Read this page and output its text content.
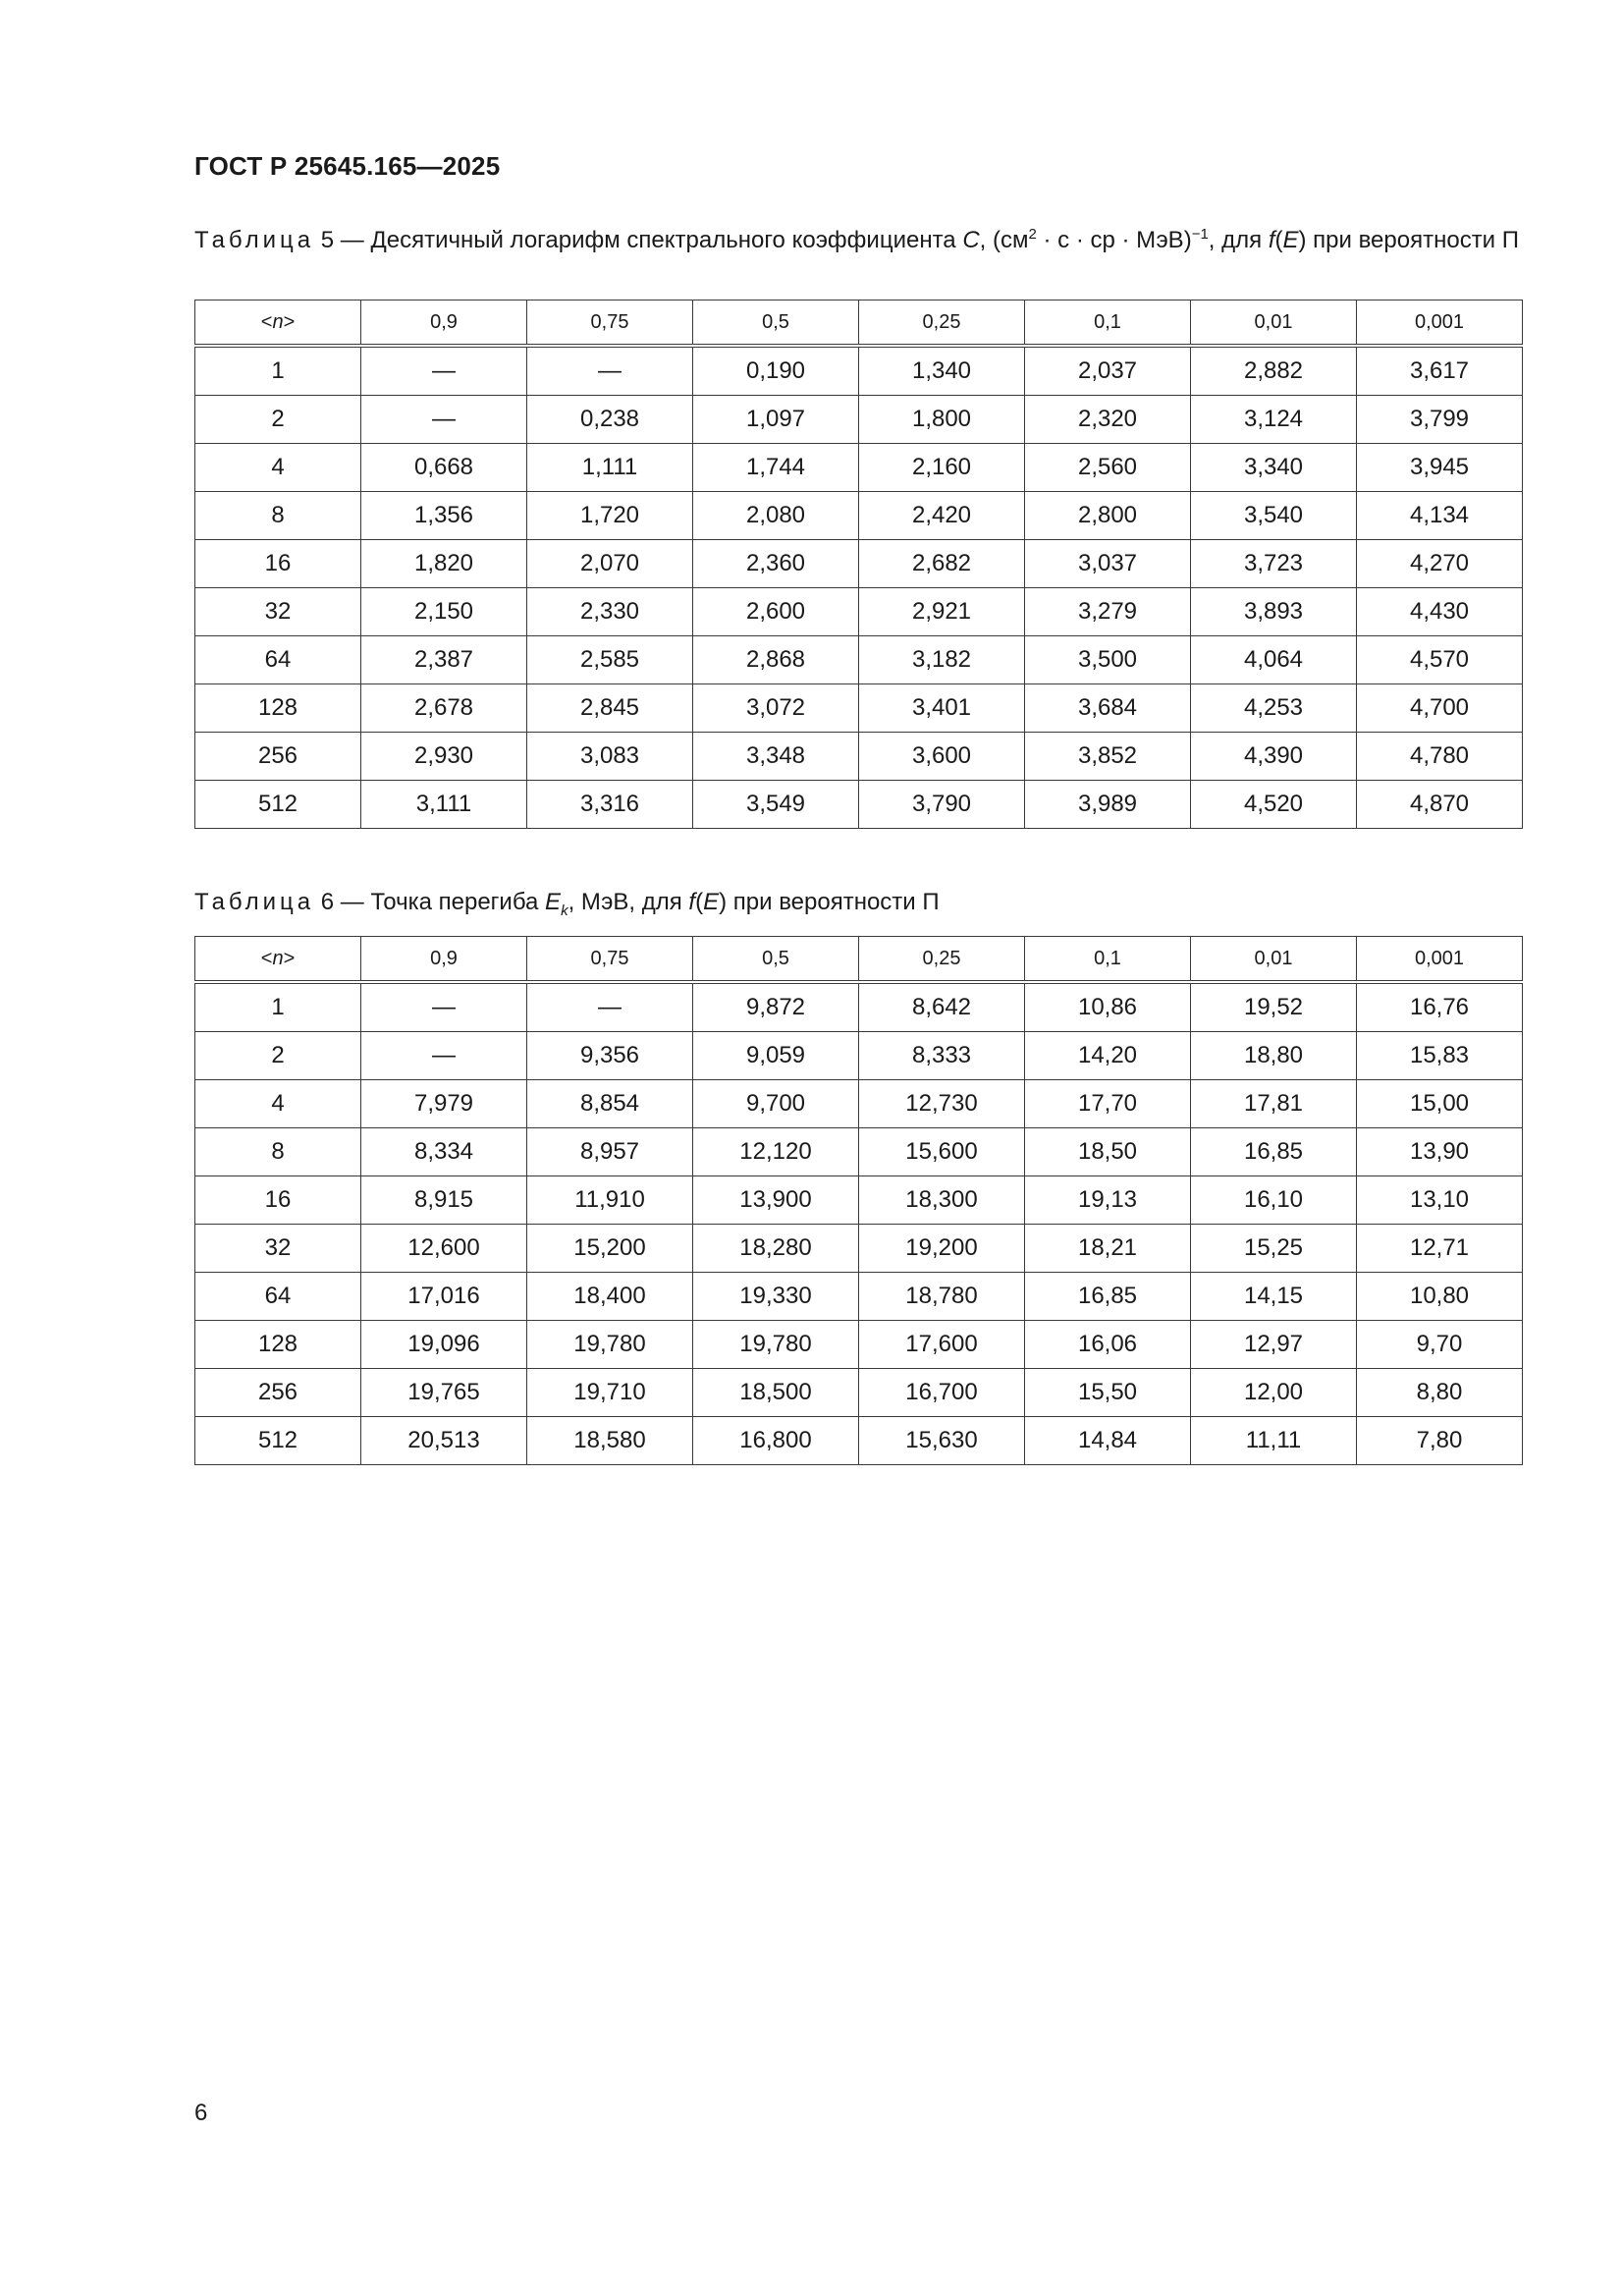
ГОСТ Р 25645.165—2025
Таблица 5 — Десятичный логарифм спектрального коэффициента C, ($см^2 \cdot с$ · ср · МэВ)$^{-1}$, для f(E) при вероятности П
<n>	0,9	0,75	0,5	0,25	0,1	0,01	0,001
1	—	—	0,190	1,340	2,037	2,882	3,617
2	—	0,238	1,097	1,800	2,320	3,124	3,799
4	0,668	1,111	1,744	2,160	2,560	3,340	3,945
8	1,356	1,720	2,080	2,420	2,800	3,540	4,134
16	1,820	2,070	2,360	2,682	3,037	3,723	4,270
32	2,150	2,330	2,600	2,921	3,279	3,893	4,430
64	2,387	2,585	2,868	3,182	3,500	4,064	4,570
128	2,678	2,845	3,072	3,401	3,684	4,253	4,700
256	2,930	3,083	3,348	3,600	3,852	4,390	4,780
512	3,111	3,316	3,549	3,790	3,989	4,520	4,870
Таблица 6 — Точка перегиба $E_k$, МэВ, для f(E) при вероятности П
<n>	0,9	0,75	0,5	0,25	0,1	0,01	0,001
1	—	—	9,872	8,642	10,86	19,52	16,76
2	—	9,356	9,059	8,333	14,20	18,80	15,83
4	7,979	8,854	9,700	12,730	17,70	17,81	15,00
8	8,334	8,957	12,120	15,600	18,50	16,85	13,90
16	8,915	11,910	13,900	18,300	19,13	16,10	13,10
32	12,600	15,200	18,280	19,200	18,21	15,25	12,71
64	17,016	18,400	19,330	18,780	16,85	14,15	10,80
128	19,096	19,780	19,780	17,600	16,06	12,97	9,70
256	19,765	19,710	18,500	16,700	15,50	12,00	8,80
512	20,513	18,580	16,800	15,630	14,84	11,11	7,80
6
